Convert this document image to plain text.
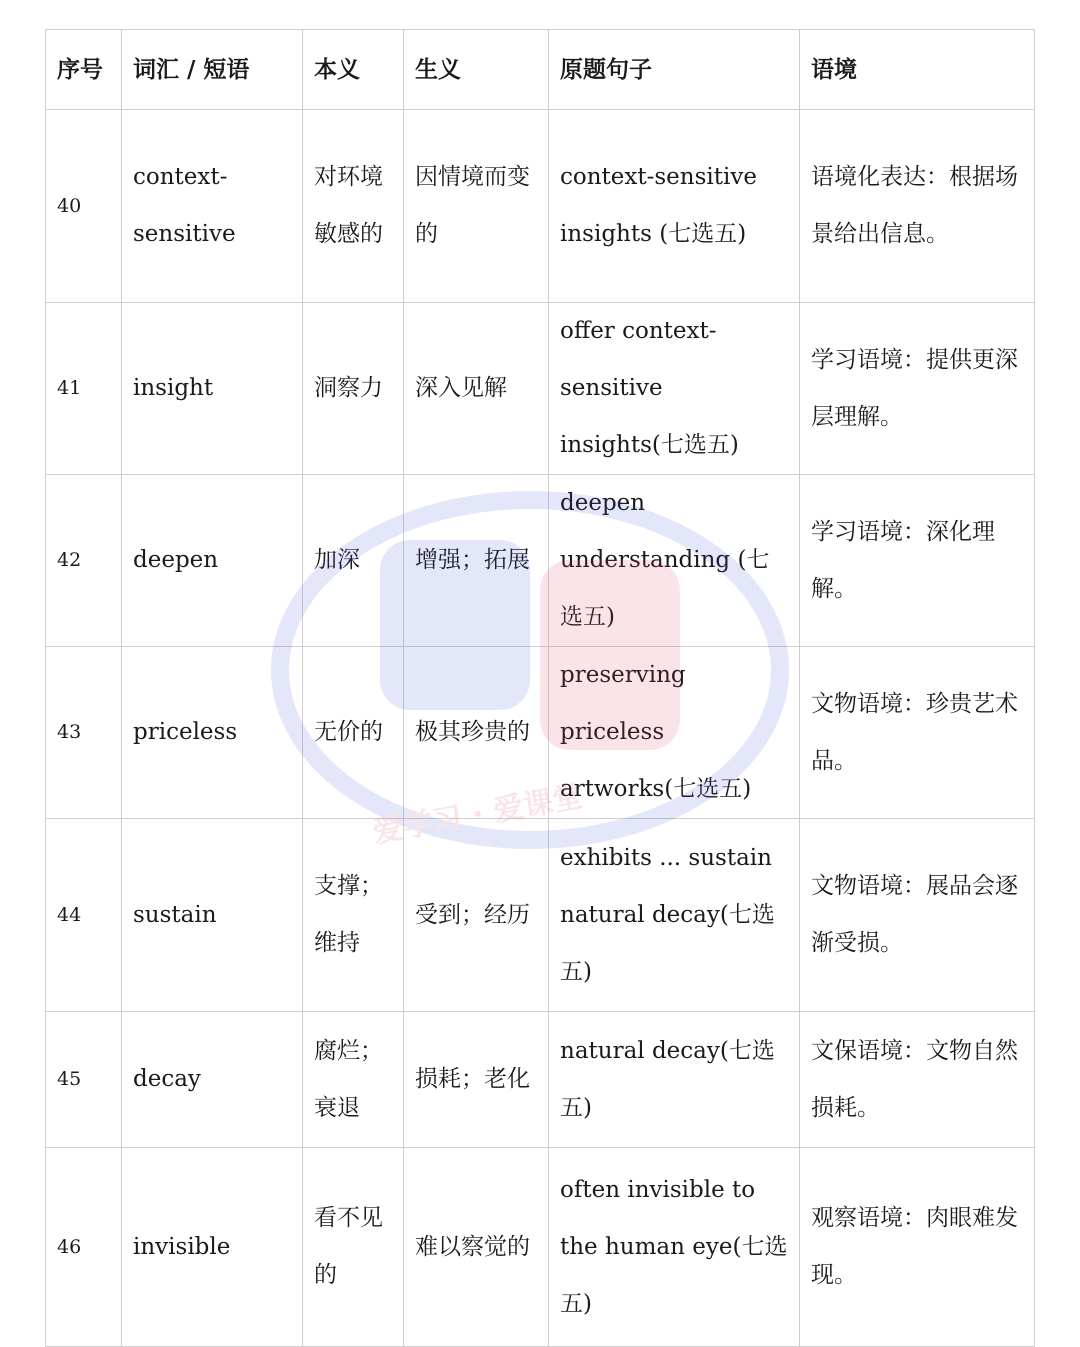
序号	词汇 / 短语	本义	生义	原题句子	语境
40	context-sensitive	对环境敏感的	因情境而变的	context-sensitive insights (七选五)	语境化表达：根据场景给出信息。
41	insight	洞察力	深入见解	offer context-sensitive insights(七选五)	学习语境：提供更深层理解。
42	deepen	加深	增强；拓展	deepen understanding (七选五)	学习语境：深化理解。
43	priceless	无价的	极其珍贵的	preserving priceless artworks(七选五)	文物语境：珍贵艺术品。
44	sustain	支撑；维持	受到；经历	exhibits ... sustain natural decay(七选五)	文物语境：展品会逐渐受损。
45	decay	腐烂；衰退	损耗；老化	natural decay(七选五)	文保语境：文物自然损耗。
46	invisible	看不见的	难以察觉的	often invisible to the human eye(七选五)	观察语境：肉眼难发现。
爱学习 · 爱课堂
